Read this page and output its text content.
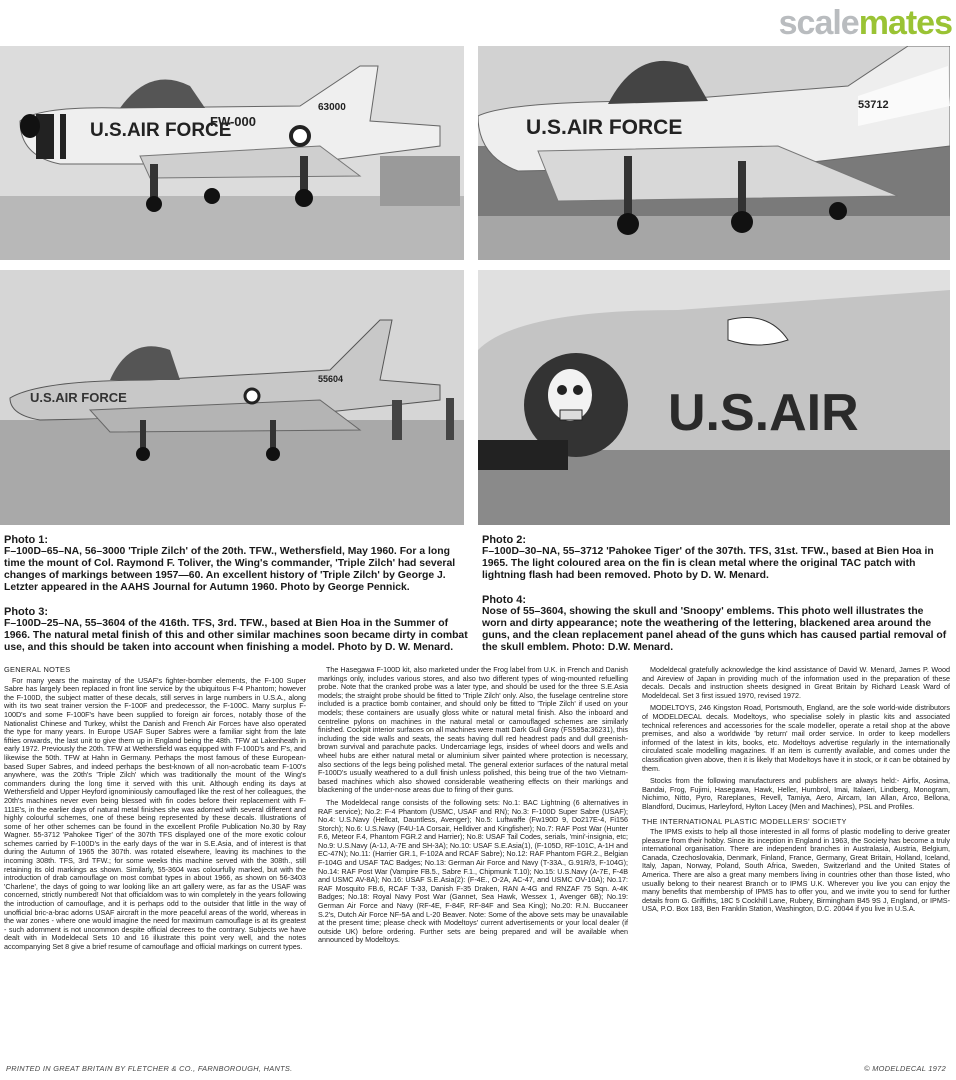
scalemates
U.S.AIR FORCE
FW-000
63000
U.S.AIR FORCE
53712
U.S.AIR FORCE
55604
U.S.AIR
Photo 1:
F–100D–65–NA, 56–3000 'Triple Zilch' of the 20th. TFW., Wethersfield, May 1960. For a long time the mount of Col. Raymond F. Toliver, the Wing's commander, 'Triple Zilch' had several changes of markings between 1957—60. An excellent history of 'Triple Zilch' by George J. Letzter appeared in the AAHS Journal for Autumn 1960. Photo by George Pennick.
Photo 2:
F–100D–30–NA, 55–3712 'Pahokee Tiger' of the 307th. TFS, 31st. TFW., based at Bien Hoa in 1965. The light coloured area on the fin is clean metal where the original TAC patch with lightning flash had been removed. Photo by D. W. Menard.
Photo 3:
F–100D–25–NA, 55–3604 of the 416th. TFS, 3rd. TFW., based at Bien Hoa in the Summer of 1966. The natural metal finish of this and other similar machines soon became dirty in combat use, and this should be taken into account when finishing a model. Photo by D. W. Menard.
Photo 4:
Nose of 55–3604, showing the skull and 'Snoopy' emblems. This photo well illustrates the worn and dirty appearance; note the weathering of the lettering, blackened area around the guns, and the clean replacement panel ahead of the guns which has caused partial removal of the skull emblem. Photo: D.W. Menard.
GENERAL NOTES

For many years the mainstay of the USAF's fighter-bomber elements, the F-100 Super Sabre has largely been replaced in front line service by the ubiquitous F-4 Phantom; however the F-100D, the subject matter of these decals, still serves in large numbers in U.S.A., along with its two seat trainer version the F-100F and predecessor, the F-100C. Many surplus F-100D's and some F-100F's have been supplied to foreign air forces, notably those of the Nationalist Chinese and Turkey, whilst the Danish and French Air Forces have also operated the type for many years. In Europe USAF Super Sabres were a familiar sight from the late fifties onwards, the last unit to give them up in England being the 48th. TFW at Lakenheath in early 1972. Previously the 20th. TFW at Wethersfield was equipped with F-100D's and F's, and likewise the 50th. TFW at Hahn in Germany. Perhaps the most famous of these European-based Super Sabres, and indeed perhaps the best-known of all non-acrobatic team F-100's anywhere, was the 20th's 'Triple Zilch' which was traditionally the mount of the Wing's commanders during the long time it served with this unit. Although ending its days at Wethersfield and Upper Heyford ignominiously camouflaged like the rest of her colleagues, the 20th's machines never even being blessed with fin codes before their replacement with F-111E's, in the earlier days of natural metal finishes she was adorned with several different and highly colourful schemes, one of these being represented by these decals. Illustrations of some of her other schemes can be found in the excellent Profile Publication No.30 by Ray Wagner. 55-3712 'Pahokee Tiger' of the 307th TFS displayed one of the more exotic colour schemes carried by F-100D's in the early days of the war in S.E.Asia, and of interest is that during the Autumn of 1965 the 307th. was rotated elsewhere, leaving its machines to the incoming 308th. TFS, 3rd TFW.; for some weeks this machine served with the 308th., still retaining its old markings as shown. Similarly, 55-3604 was colourfully marked, but with the introduction of drab camouflage on most combat types in about 1966, as shown on 56-3403 'Charlene', the days of going to war looking like an art gallery were, as far as the USAF was concerned, strictly numbered! Not that officialdom was to win completely in the years following the introduction of camouflage, and it is perhaps odd to the outsider that little in the way of unofficial bric-a-brac adorns USAF aircraft in the more peaceful areas of the world, whereas in the war zones - where one would imagine the need for maximum camouflage is at its greatest - such adornment is not uncommon despite official decrees to the contrary. Subjects we have dealt with in Modeldecal Sets 10 and 16 illustrate this point very well, and the notes accompanying Set 8 give a brief resume of camouflage and official markings on current types.

The Hasegawa F-100D kit, also marketed under the Frog label from U.K. in French and Danish markings only, includes various stores, and also two different types of wing-mounted refuelling probe. Note that the cranked probe was a later type, and should be used for the three S.E.Asia models; the straight probe should be fitted to 'Triple Zilch' only. Also, the fuselage centreline store included is a practice bomb container, and should only be fitted to 'Triple Zilch' if used on your models; these containers are usually gloss white or natural metal finish. Also the inboard and centreline pylons on machines in the natural metal or camouflaged schemes are similarly finished. Cockpit interior surfaces on all machines were matt Dark Gull Gray (FS595a:36231), this including the side walls and seats, the seats having dull red headrest pads and dull greenish-brown survival and parachute packs. Undercarriage legs, insides of wheel doors and wells and wheel hubs are either natural metal or aluminium silver painted where protection is necessary, also sections of the legs being polished metal. The general exterior surfaces of the natural metal F-100D's usually weathered to a dull finish unless polished, this being true of the two Vietnam-based machines which also showed considerable weathering effects on their markings and blackening of the under-nose areas due to firing of their guns.

The Modeldecal range consists of the following sets: No.1: BAC Lightning (6 alternatives in RAF service); No.2: F-4 Phantom (USMC, USAF and RN); No.3: F-100D Super Sabre (USAF); No.4: U.S.Navy (Hellcat, Dauntless, Avenger); No.5: Luftwaffe (Fw190D 9, Do217E-4, Fi156 Storch); No.6: U.S.Navy (F4U-1A Corsair, Helldiver and Kingfisher); No.7: RAF Post War (Hunter F.6, Meteor F.4, Phantom FGR.2 and Harrier); No.8: USAF Tail Codes, serials, 'mini'-insignia, etc; No.9: U.S.Navy (A-1J, A-7E and SH-3A); No.10: USAF S.E.Asia(1), (F-105D, RF-101C, A-1H and EC-47N); No.11: (Harrier GR.1, F-102A and RCAF Sabre); No.12: RAF Phantom FGR.2., Belgian F-104G and USAF TAC Badges; No.13: German Air Force and Navy (T-33A., G.91R/3, F-104G); No.14: RAF Post War (Vampire FB.5., Sabre F.1., Chipmunk T.10); No.15: U.S.Navy (A-7E, F-4B and USMC AV-8A); No.16: USAF S.E.Asia(2): (F-4E., O-2A, AC-47, and USMC OV-10A); No.17: RAF Mosquito FB.6, RCAF T-33, Danish F-35 Draken, RAN A-4G and RNZAF 75 Sqn. A-4K Badges; No.18: Royal Navy Post War (Gannet, Sea Hawk, Wessex 1, Avenger 6B); No.19: German Air Force and Navy (RF-4E, F-84F, RF-84F and Sea King); No.20: R.N. Buccaneer S.2's, Dutch Air Force NF-5A and L-20 Beaver. Note: Some of the above sets may be unavailable at the present time; please check with Modeltoys' current advertisements or your local dealer (if outside UK) before ordering. Further sets are being prepared and will be available when announced by Modeltoys.

Modeldecal gratefully acknowledge the kind assistance of David W. Menard, James P. Wood and Aireview of Japan in providing much of the information used in the preparation of these decals. Decals and instruction sheets designed in Great Britain by Richard Leask Ward of Modeldecal. Set 3 first issued 1970, revised 1972.

MODELTOYS, 246 Kingston Road, Portsmouth, England, are the sole world-wide distributors of MODELDECAL decals. Modeltoys, who specialise solely in plastic kits and associated technical references and accessories for the scale modeller, operate a retail shop at the above premises, and also a worldwide 'by return' mail order service. In order to keep modellers informed of the latest in kits, books, etc. Modeltoys advertise regularly in the internationally circulated scale modelling magazines. If an item is currently available, and comes under the classification given above, then it is likely that Modeltoys have it in stock, or it can be obtained by them.

Stocks from the following manufacturers and publishers are always held:- Airfix, Aosima, Bandai, Frog, Fujimi, Hasegawa, Hawk, Heller, Humbrol, Imai, Italaeri, Lindberg, Monogram, Nichimo, Nitto, Pyro, Rareplanes, Revell, Tamiya, Aero, Aircam, Ian Allan, Arco, Bellona, Blandford, Ducimus, Harleyford, Hylton Lacey (Men and Machines), PSL and Profiles.

THE INTERNATIONAL PLASTIC MODELLERS' SOCIETY

The IPMS exists to help all those interested in all forms of plastic modelling to derive greater pleasure from their hobby. Since its inception in England in 1963, the Society has become a truly international organisation. There are independent branches in Australasia, Austria, Belgium, Canada, Czechoslovakia, Denmark, Finland, France, Germany, Great Britain, Holland, Iceland, Italy, Japan, Norway, Poland, South Africa, Sweden, Switzerland and the United States of America. There are also a great many members living in countries other than those listed, who usually belong to their nearest Branch or to IPMS U.K. Wherever you live you can enjoy the many benefits that membership of IPMS has to offer you, and we invite you to send for further details from G. Griffiths, 18C 5 Cockhill Lane, Rubery, Birmingham B45 9S J, England, or IPMS-USA, P.O. Box 183, Ben Franklin Station, Washington, D.C. 20044 if you live in U.S.A.

PRINTED IN GREAT BRITAIN BY FLETCHER & CO., FARNBOROUGH, HANTS.	© MODELDECAL 1972
